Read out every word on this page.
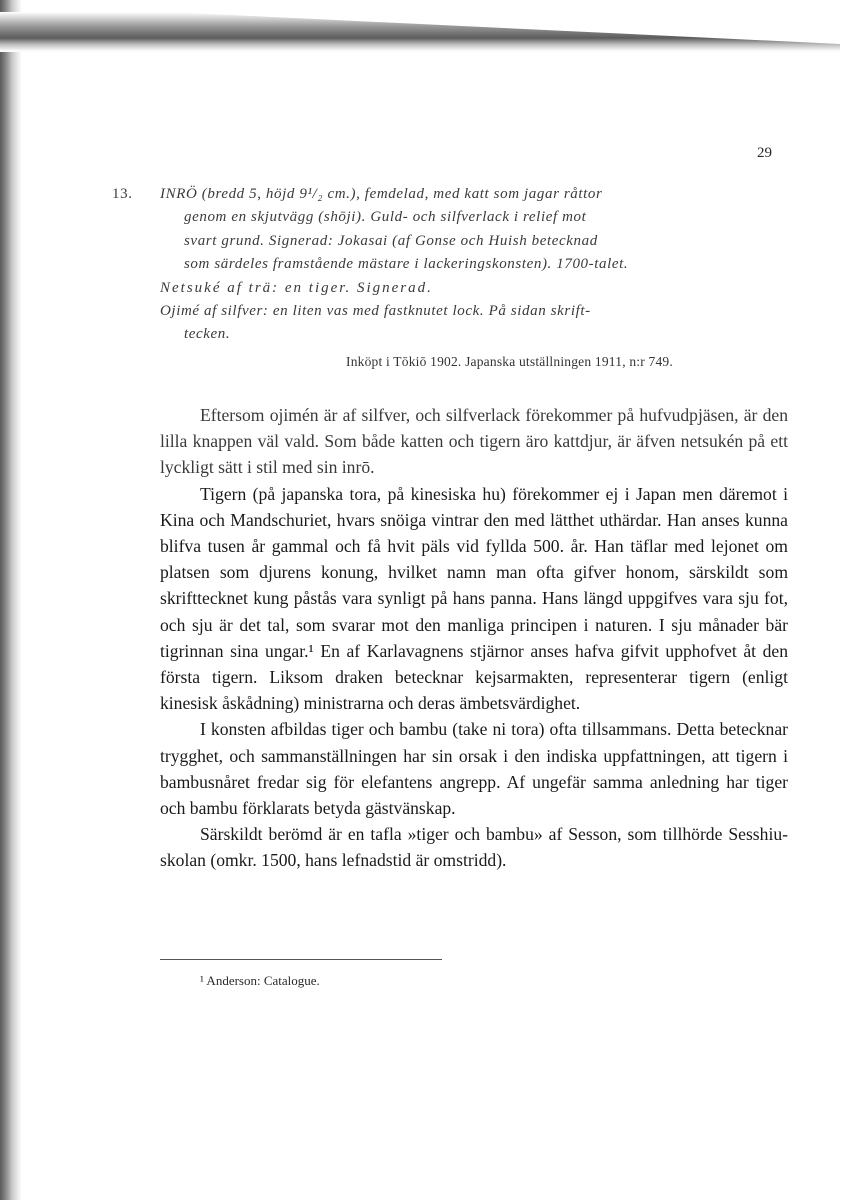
29
13. INRÖ (bredd 5, höjd 9¹/₂ cm.), femdelad, med katt som jagar råttor
genom en skjutvägg (shōji). Guld- och silfverlack i relief mot
svart grund. Signerad: Jokasai (af Gonse och Huish betecknad
som särdeles framstående mästare i lackeringskonsten). 1700-talet.
Netsuké af trä: en tiger. Signerad.
Ojimé af silfver: en liten vas med fastknutet lock. På sidan skrift-
tecken.
Inköpt i Tōkiō 1902. Japanska utställningen 1911, n:r 749.

Eftersom ojimén är af silfver, och silfverlack förekommer på hufvudpjäsen, är den lilla knappen väl vald. Som både katten och tigern äro kattdjur, är äfven netsukén på ett lyckligt sätt i stil med sin inrō.

Tigern (på japanska tora, på kinesiska hu) förekommer ej i Japan men däremot i Kina och Mandschuriet, hvars snöiga vintrar den med lätthet uthärdar. Han anses kunna blifva tusen år gammal och få hvit päls vid fyllda 500. år. Han täflar med lejonet om platsen som djurens konung, hvilket namn man ofta gifver honom, särskildt som skrifttecknet kung påstås vara synligt på hans panna. Hans längd uppgifves vara sju fot, och sju är det tal, som svarar mot den manliga principen i naturen. I sju månader bär tigrinnan sina ungar.¹ En af Karlavagnens stjärnor anses hafva gifvit upphofvet åt den första tigern. Liksom draken betecknar kejsarmakten, representerar tigern (enligt kinesisk åskådning) ministrarna och deras ämbetsvärdighet.

I konsten afbildas tiger och bambu (take ni tora) ofta tillsammans. Detta betecknar trygghet, och sammanställningen har sin orsak i den indiska uppfattningen, att tigern i bambusnåret fredar sig för elefantens angrepp. Af ungefär samma anledning har tiger och bambu förklarats betyda gästvänskap.

Särskildt berömd är en tafla »tiger och bambu» af Sesson, som tillhörde Sesshiu-skolan (omkr. 1500, hans lefnadstid är omstridd).

¹ Anderson: Catalogue.
